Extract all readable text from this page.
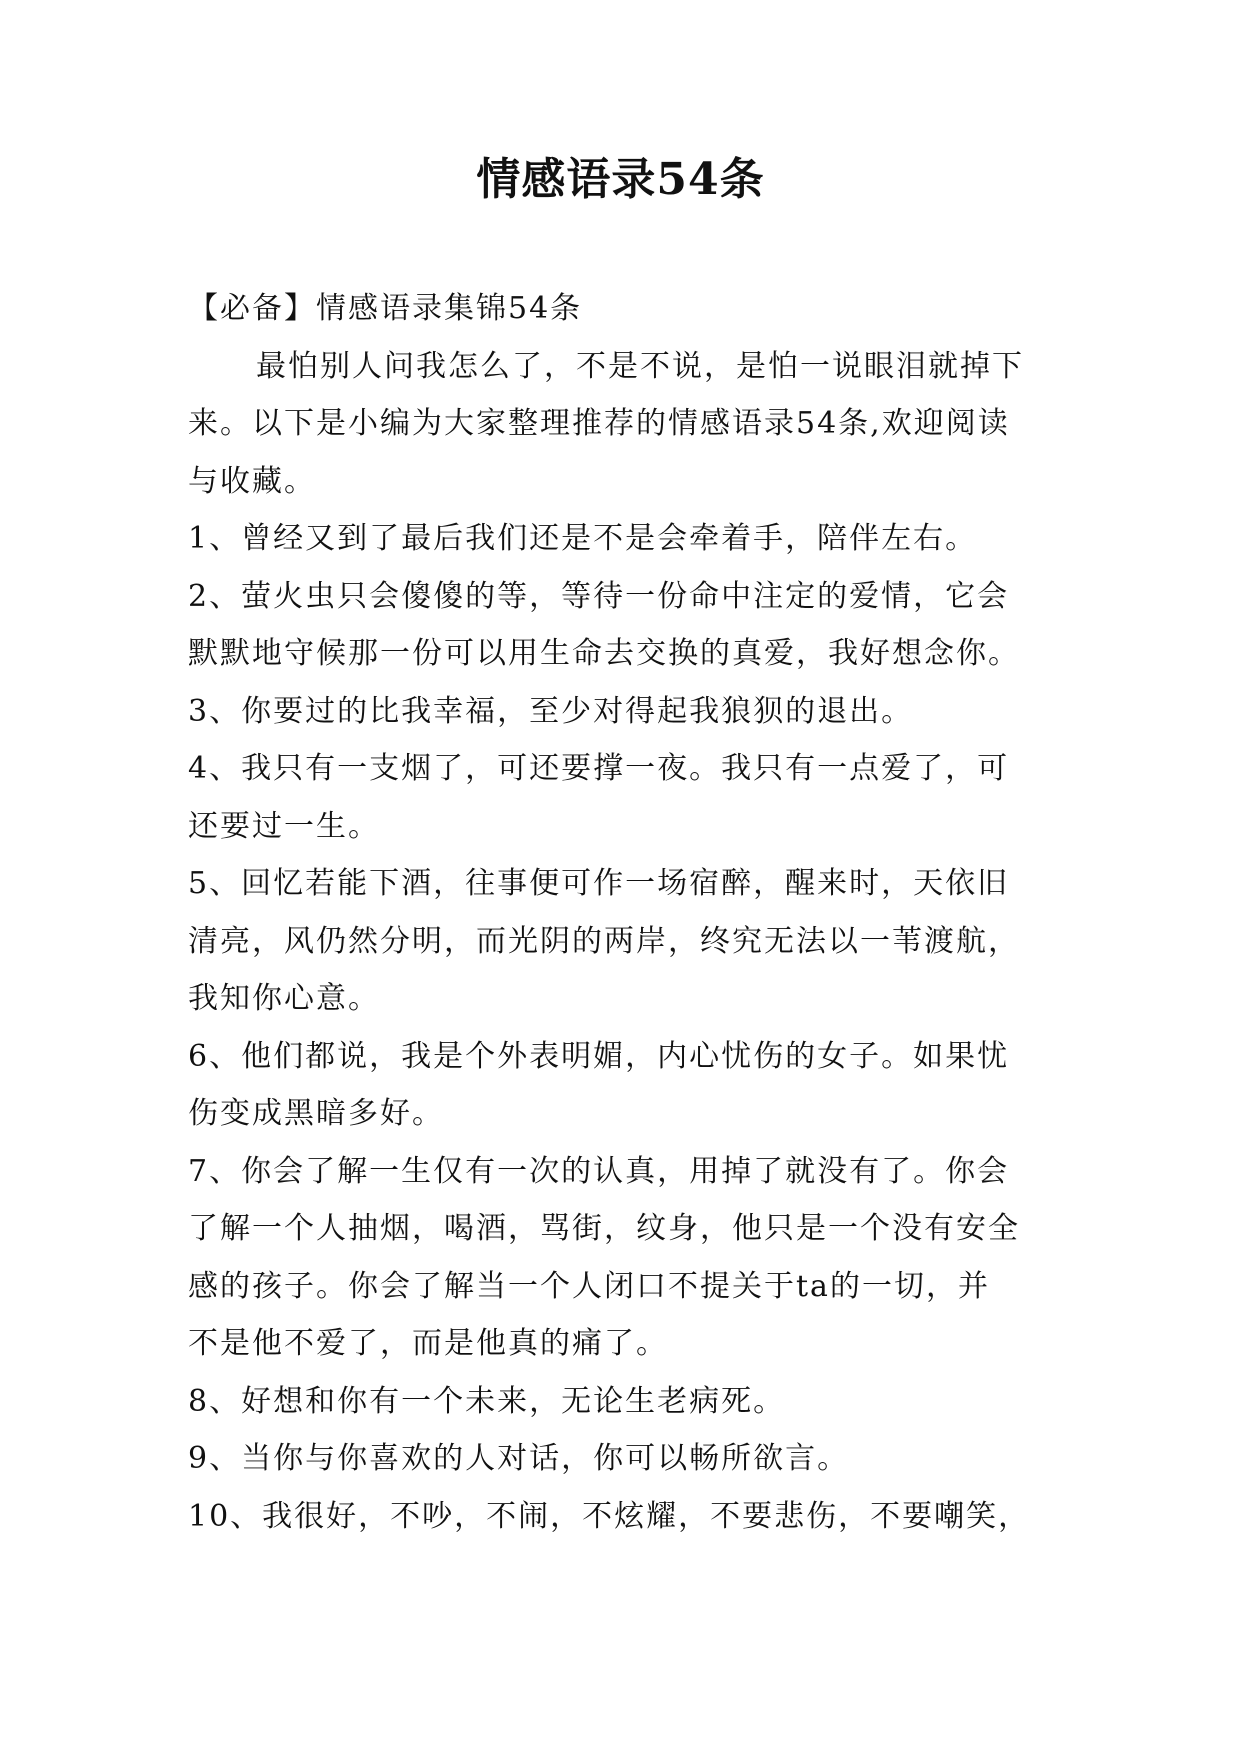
情感语录54条
【必备】情感语录集锦54条
最怕别人问我怎么了，不是不说，是怕一说眼泪就掉下
来。以下是小编为大家整理推荐的情感语录54条,欢迎阅读
与收藏。
1、曾经又到了最后我们还是不是会牵着手，陪伴左右。
2、萤火虫只会傻傻的等，等待一份命中注定的爱情，它会
默默地守候那一份可以用生命去交换的真爱，我好想念你。
3、你要过的比我幸福，至少对得起我狼狈的退出。
4、我只有一支烟了，可还要撑一夜。我只有一点爱了，可
还要过一生。
5、回忆若能下酒，往事便可作一场宿醉，醒来时，天依旧
清亮，风仍然分明，而光阴的两岸，终究无法以一苇渡航，
我知你心意。
6、他们都说，我是个外表明媚，内心忧伤的女子。如果忧
伤变成黑暗多好。
7、你会了解一生仅有一次的认真，用掉了就没有了。你会
了解一个人抽烟，喝酒，骂街，纹身，他只是一个没有安全
感的孩子。你会了解当一个人闭口不提关于ta的一切，并
不是他不爱了，而是他真的痛了。
8、好想和你有一个未来，无论生老病死。
9、当你与你喜欢的人对话，你可以畅所欲言。
10、我很好，不吵，不闹，不炫耀，不要悲伤，不要嘲笑，
